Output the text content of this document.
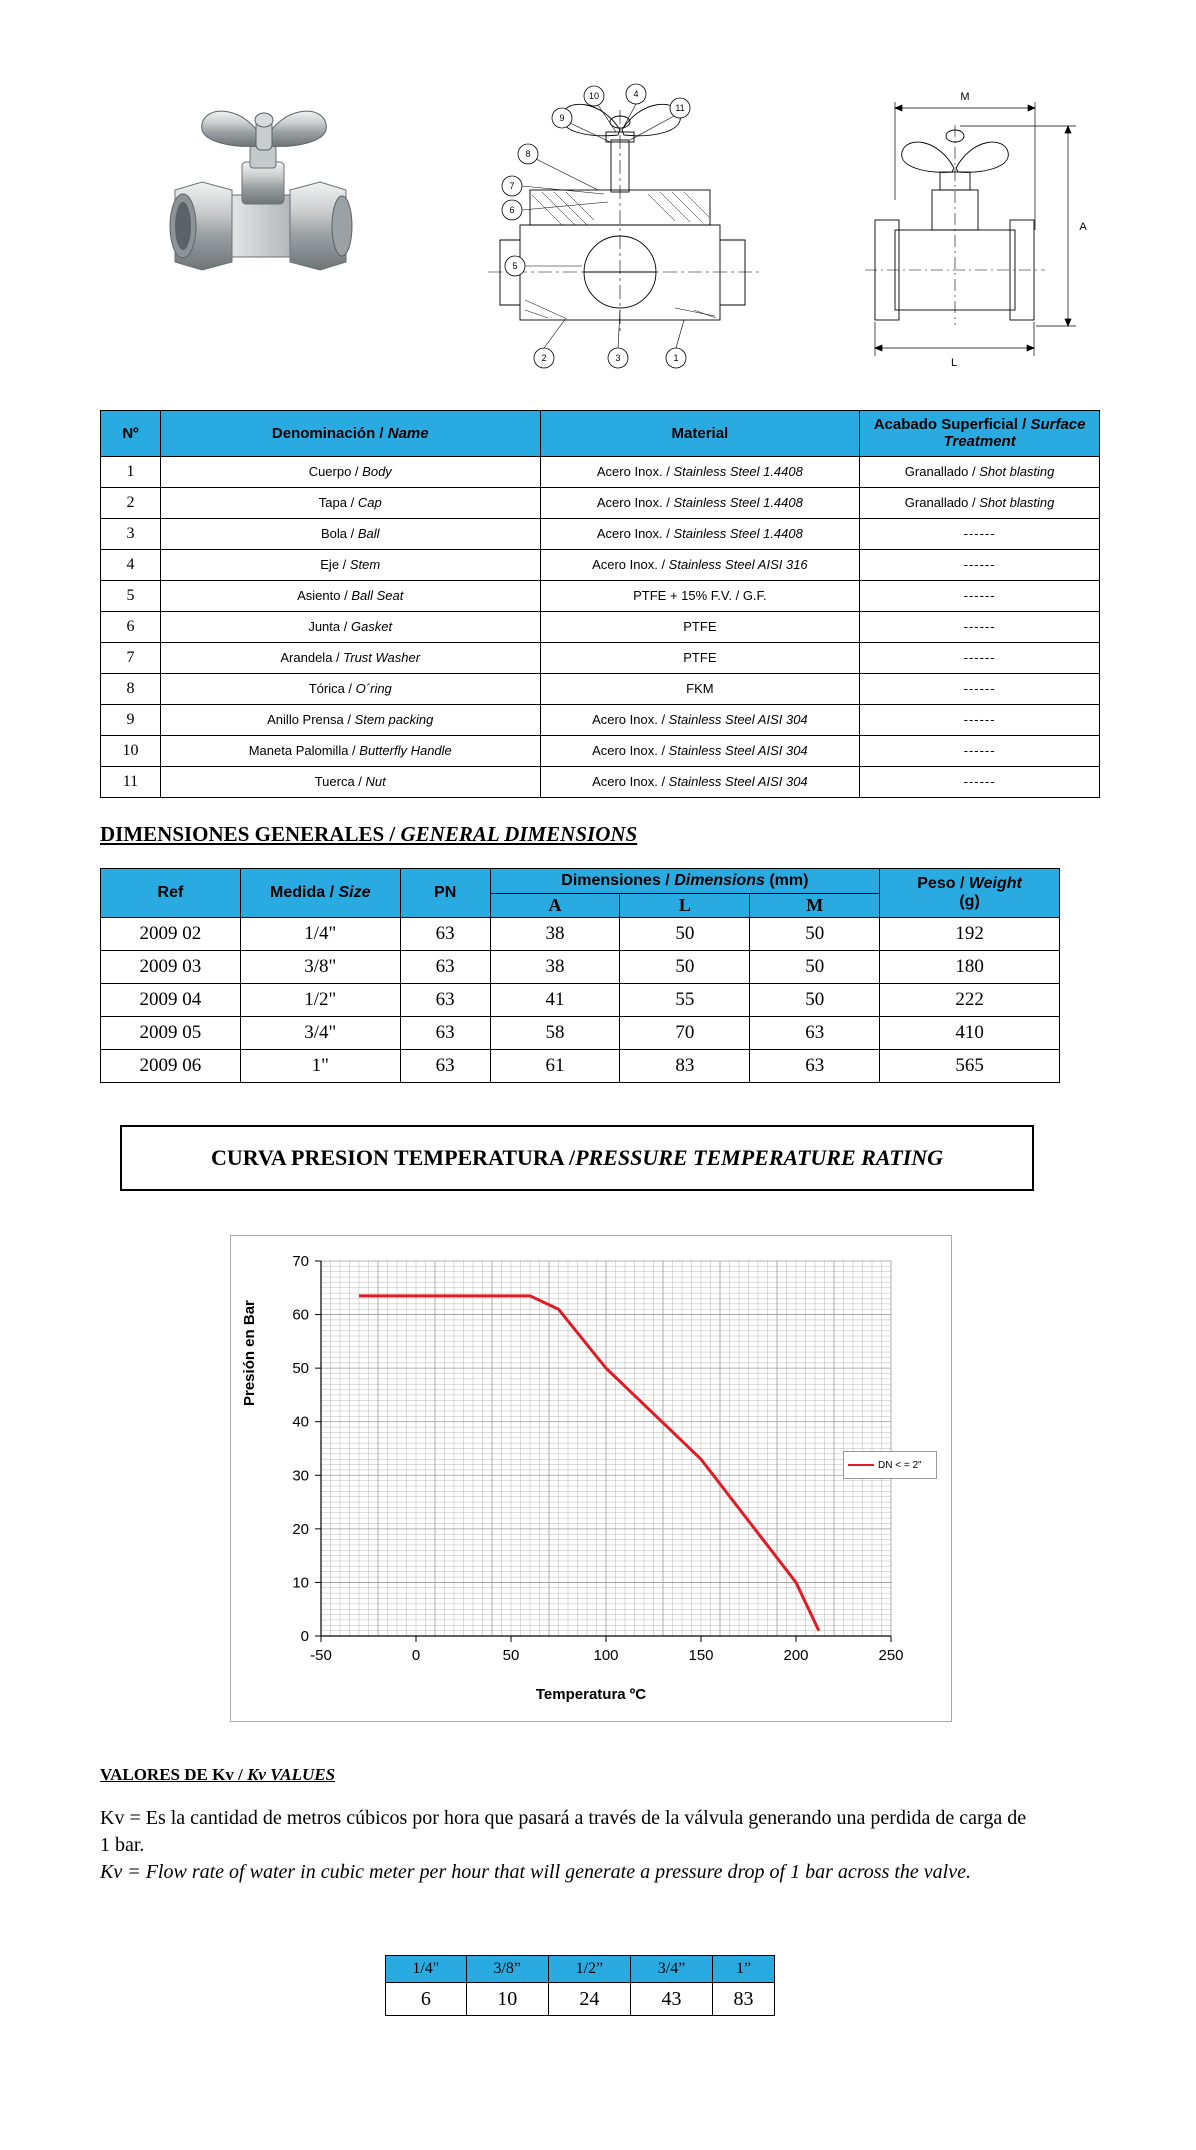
10	4
11
9
8
7
6
5
2	3	1
M
A
L
Nº	Denominación / Name	Material	Acabado Superficial / Surface Treatment
1	Cuerpo / Body	Acero Inox. / Stainless Steel 1.4408	Granallado / Shot blasting
2	Tapa / Cap	Acero Inox. / Stainless Steel 1.4408	Granallado / Shot blasting
3	Bola / Ball	Acero Inox. / Stainless Steel 1.4408	------
4	Eje / Stem	Acero Inox. / Stainless Steel AISI 316	------
5	Asiento / Ball Seat	PTFE + 15% F.V. / G.F.	------
6	Junta / Gasket	PTFE	------
7	Arandela / Trust Washer	PTFE	------
8	Tórica / O´ring	FKM	------
9	Anillo Prensa / Stem packing	Acero Inox. / Stainless Steel AISI 304	------
10	Maneta Palomilla / Butterfly Handle	Acero Inox. / Stainless Steel AISI 304	------
11	Tuerca / Nut	Acero Inox. / Stainless Steel AISI 304	------
DIMENSIONES GENERALES / GENERAL DIMENSIONS
Ref	Medida / Size	PN	Dimensiones / Dimensions (mm)			Peso / Weight
(g)

			A	L	M	
2009 02	1/4"	63	38	50	50	192
2009 03	3/8"	63	38	50	50	180
2009 04	1/2"	63	41	55	50	222
2009 05	3/4"	63	58	70	63	410
2009 06	1"	63	61	83	63	565
CURVA PRESION TEMPERATURA / PRESSURE TEMPERATURE RATING
Presión en Bar
Temperatura ºC
-50	0	50	100	150	200	250
0
10
20
30
40
50
60
70
DN < = 2"
VALORES DE Kv / Kv VALUES
Kv = Es la cantidad de metros cúbicos por hora que pasará a través de la válvula generando una perdida de carga de 1 bar.
Kv = Flow rate of water in cubic meter per hour that will generate a pressure drop of 1 bar across the valve.
1/4"	3/8”	1/2”	3/4”	1”
6	10	24	43	83
